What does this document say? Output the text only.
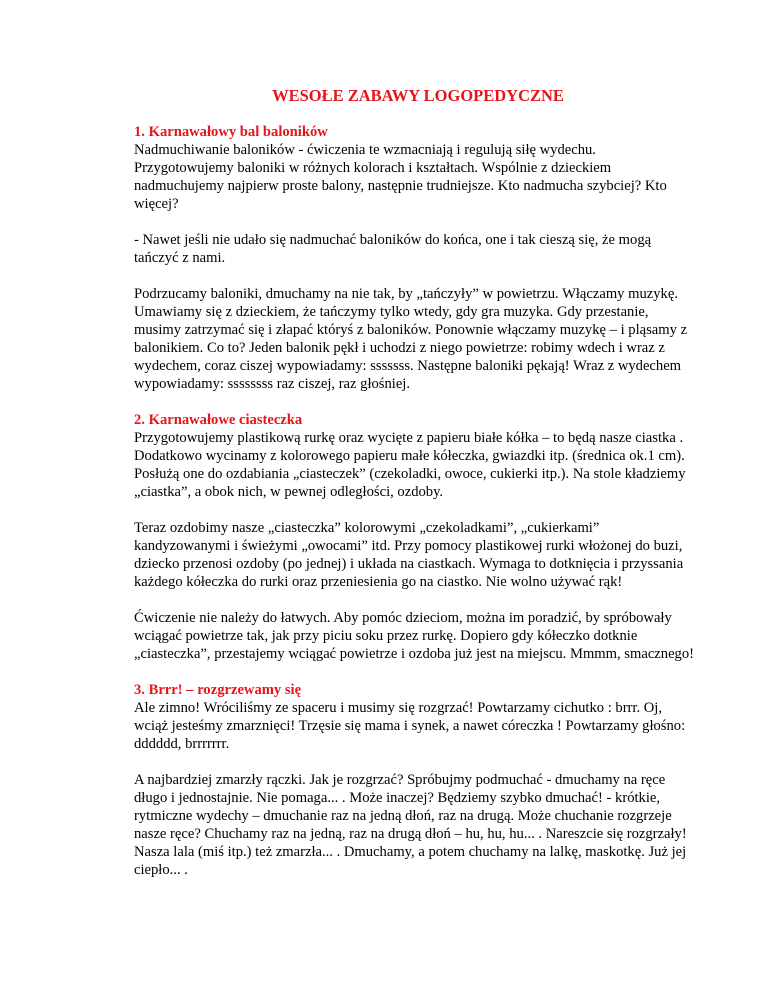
WESOŁE ZABAWY LOGOPEDYCZNE
1. Karnawałowy bal baloników

Nadmuchiwanie baloników - ćwiczenia te wzmacniają i regulują siłę wydechu. Przygotowujemy baloniki w różnych kolorach i kształtach. Wspólnie z dzieckiem nadmuchujemy najpierw proste balony, następnie trudniejsze. Kto nadmucha szybciej? Kto więcej?

- Nawet jeśli nie udało się nadmuchać baloników do końca, one i tak cieszą się, że mogą tańczyć z nami.

Podrzucamy baloniki, dmuchamy na nie tak, by „tańczyły” w powietrzu. Włączamy muzykę. Umawiamy się z dzieckiem, że tańczymy tylko wtedy, gdy gra muzyka. Gdy przestanie, musimy zatrzymać się i złapać któryś z baloników. Ponownie włączamy muzykę – i pląsamy z balonikiem. Co to? Jeden balonik pękł i uchodzi z niego powietrze: robimy wdech i wraz z wydechem, coraz ciszej wypowiadamy: sssssss. Następne baloniki pękają! Wraz z wydechem wypowiadamy: ssssssss raz ciszej, raz głośniej.

2. Karnawałowe ciasteczka

Przygotowujemy plastikową rurkę oraz wycięte z papieru białe kółka – to będą nasze ciastka . Dodatkowo wycinamy z kolorowego papieru małe kółeczka, gwiazdki itp. (średnica ok.1 cm). Posłużą one do ozdabiania „ciasteczek” (czekoladki, owoce, cukierki itp.). Na stole kładziemy „ciastka”, a obok nich, w pewnej odległości, ozdoby.

Teraz ozdobimy nasze „ciasteczka” kolorowymi „czekoladkami”, „cukierkami” kandyzowanymi i świeżymi „owocami” itd. Przy pomocy plastikowej rurki włożonej do buzi, dziecko przenosi ozdoby (po jednej) i układa na ciastkach. Wymaga to dotknięcia i przyssania każdego kółeczka do rurki oraz przeniesienia go na ciastko. Nie wolno używać rąk!

Ćwiczenie nie należy do łatwych. Aby pomóc dzieciom, można im poradzić, by spróbowały wciągać powietrze tak, jak przy piciu soku przez rurkę. Dopiero gdy kółeczko dotknie „ciasteczka”, przestajemy wciągać powietrze i ozdoba już jest na miejscu. Mmmm, smacznego!

3. Brrr! – rozgrzewamy się

Ale zimno! Wróciliśmy ze spaceru i musimy się rozgrzać! Powtarzamy cichutko : brrr. Oj, wciąż jesteśmy zmarznięci! Trzęsie się mama i synek, a nawet córeczka ! Powtarzamy głośno: dddddd, brrrrrrr.

A najbardziej zmarzły rączki. Jak je rozgrzać? Spróbujmy podmuchać - dmuchamy na ręce długo i jednostajnie. Nie pomaga... . Może inaczej? Będziemy szybko dmuchać! - krótkie, rytmiczne wydechy – dmuchanie raz na jedną dłoń, raz na drugą. Może chuchanie rozgrzeje nasze ręce? Chuchamy raz na jedną, raz na drugą dłoń – hu, hu, hu... . Nareszcie się rozgrzały! Nasza lala (miś itp.) też zmarzła... . Dmuchamy, a potem chuchamy na lalkę, maskotkę. Już jej ciepło... .
